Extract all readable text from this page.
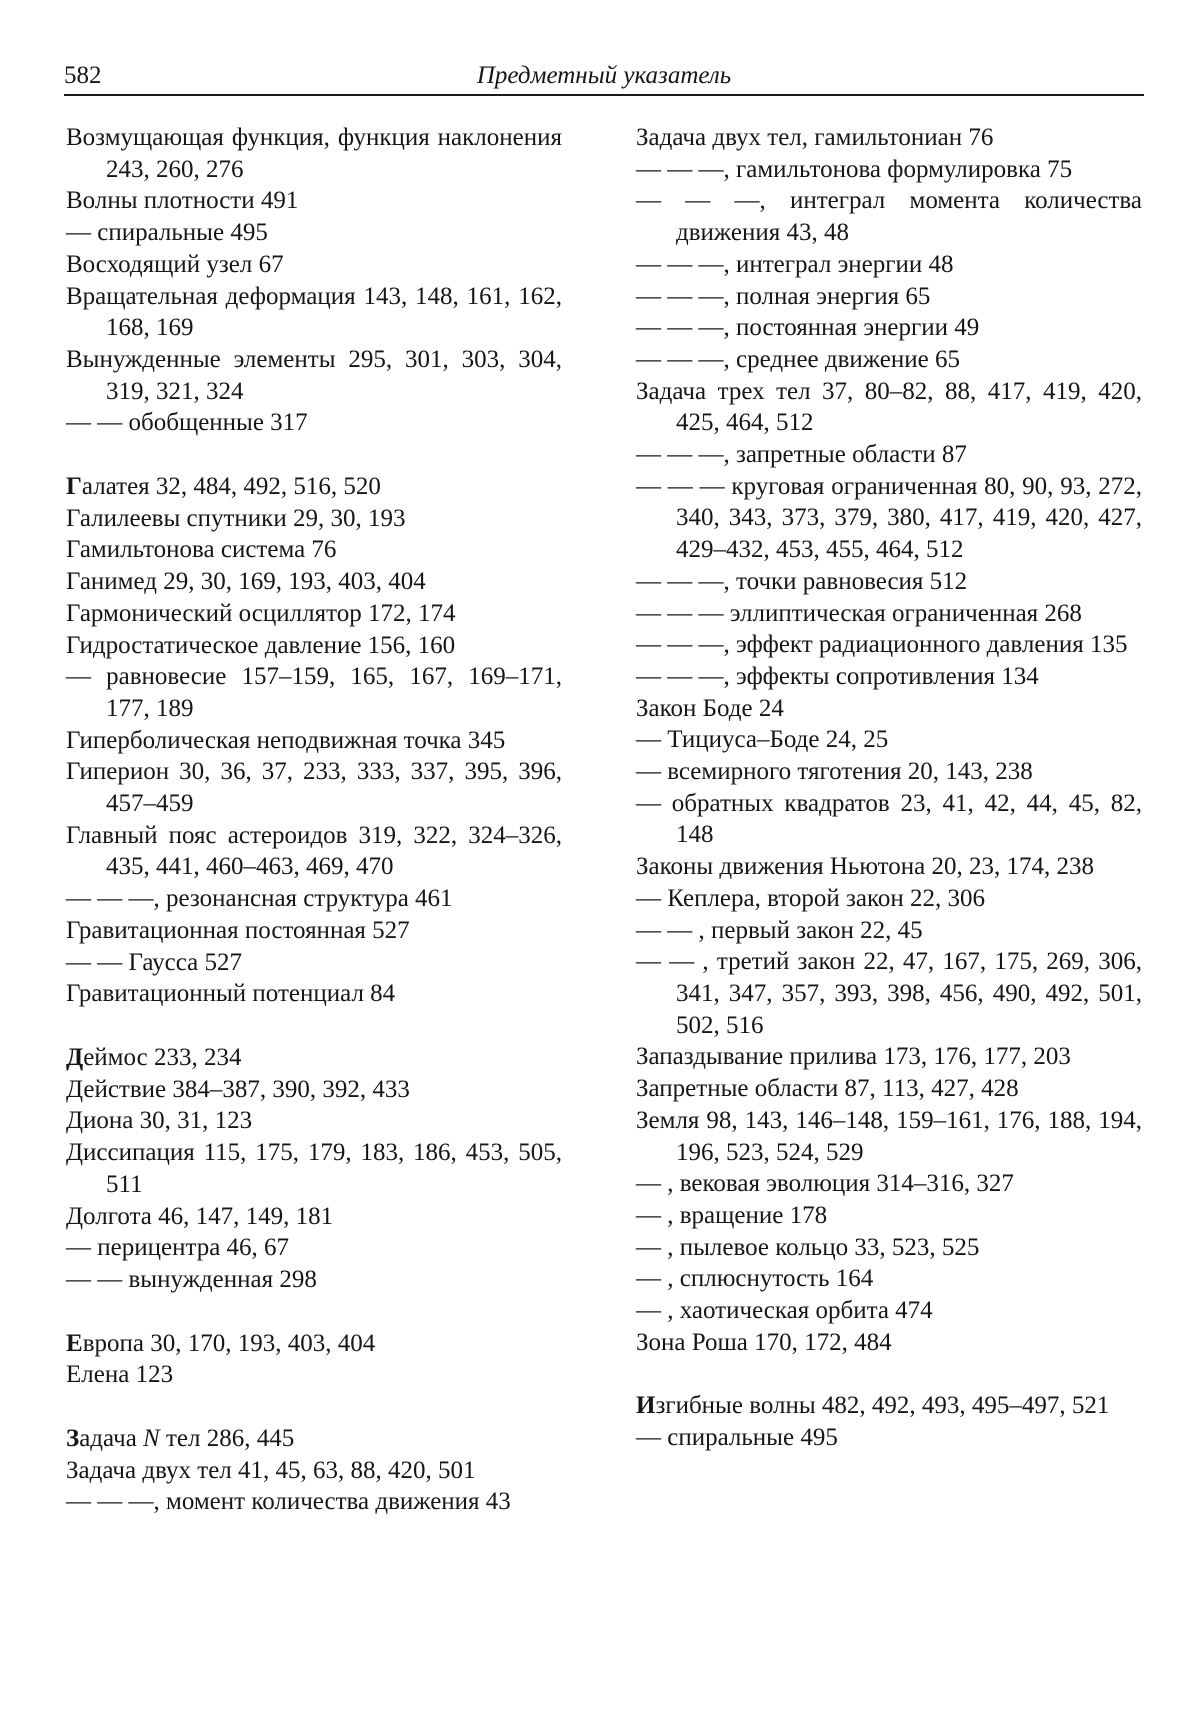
582	Предметный указатель
Возмущающая функция, функция наклонения 243, 260, 276
Волны плотности 491
— спиральные 495
Восходящий узел 67
Вращательная деформация 143, 148, 161, 162, 168, 169
Вынужденные элементы 295, 301, 303, 304, 319, 321, 324
— — обобщенные 317
Галатея 32, 484, 492, 516, 520
Галилеевы спутники 29, 30, 193
Гамильтонова система 76
Ганимед 29, 30, 169, 193, 403, 404
Гармонический осциллятор 172, 174
Гидростатическое давление 156, 160
— равновесие 157–159, 165, 167, 169–171, 177, 189
Гиперболическая неподвижная точка 345
Гиперион 30, 36, 37, 233, 333, 337, 395, 396, 457–459
Главный пояс астероидов 319, 322, 324–326, 435, 441, 460–463, 469, 470
— — —, резонансная структура 461
Гравитационная постоянная 527
— — Гаусса 527
Гравитационный потенциал 84
Деймос 233, 234
Действие 384–387, 390, 392, 433
Диона 30, 31, 123
Диссипация 115, 175, 179, 183, 186, 453, 505, 511
Долгота 46, 147, 149, 181
— перицентра 46, 67
— — вынужденная 298
Европа 30, 170, 193, 403, 404
Елена 123
Задача N тел 286, 445
Задача двух тел 41, 45, 63, 88, 420, 501
— — —, момент количества движения 43
Задача двух тел, гамильтониан 76
— — —, гамильтонова формулировка 75
— — —, интеграл момента количества движения 43, 48
— — —, интеграл энергии 48
— — —, полная энергия 65
— — —, постоянная энергии 49
— — —, среднее движение 65
Задача трех тел 37, 80–82, 88, 417, 419, 420, 425, 464, 512
— — —, запретные области 87
— — — круговая ограниченная 80, 90, 93, 272, 340, 343, 373, 379, 380, 417, 419, 420, 427, 429–432, 453, 455, 464, 512
— — —, точки равновесия 512
— — — эллиптическая ограниченная 268
— — —, эффект радиационного давления 135
— — —, эффекты сопротивления 134
Закон Боде 24
— Тициуса–Боде 24, 25
— всемирного тяготения 20, 143, 238
— обратных квадратов 23, 41, 42, 44, 45, 82, 148
Законы движения Ньютона 20, 23, 174, 238
— Кеплера, второй закон 22, 306
— — , первый закон 22, 45
— — , третий закон 22, 47, 167, 175, 269, 306, 341, 347, 357, 393, 398, 456, 490, 492, 501, 502, 516
Запаздывание прилива 173, 176, 177, 203
Запретные области 87, 113, 427, 428
Земля 98, 143, 146–148, 159–161, 176, 188, 194, 196, 523, 524, 529
— , вековая эволюция 314–316, 327
— , вращение 178
— , пылевое кольцо 33, 523, 525
— , сплюснутость 164
— , хаотическая орбита 474
Зона Роша 170, 172, 484
Изгибные волны 482, 492, 493, 495–497, 521
— спиральные 495
